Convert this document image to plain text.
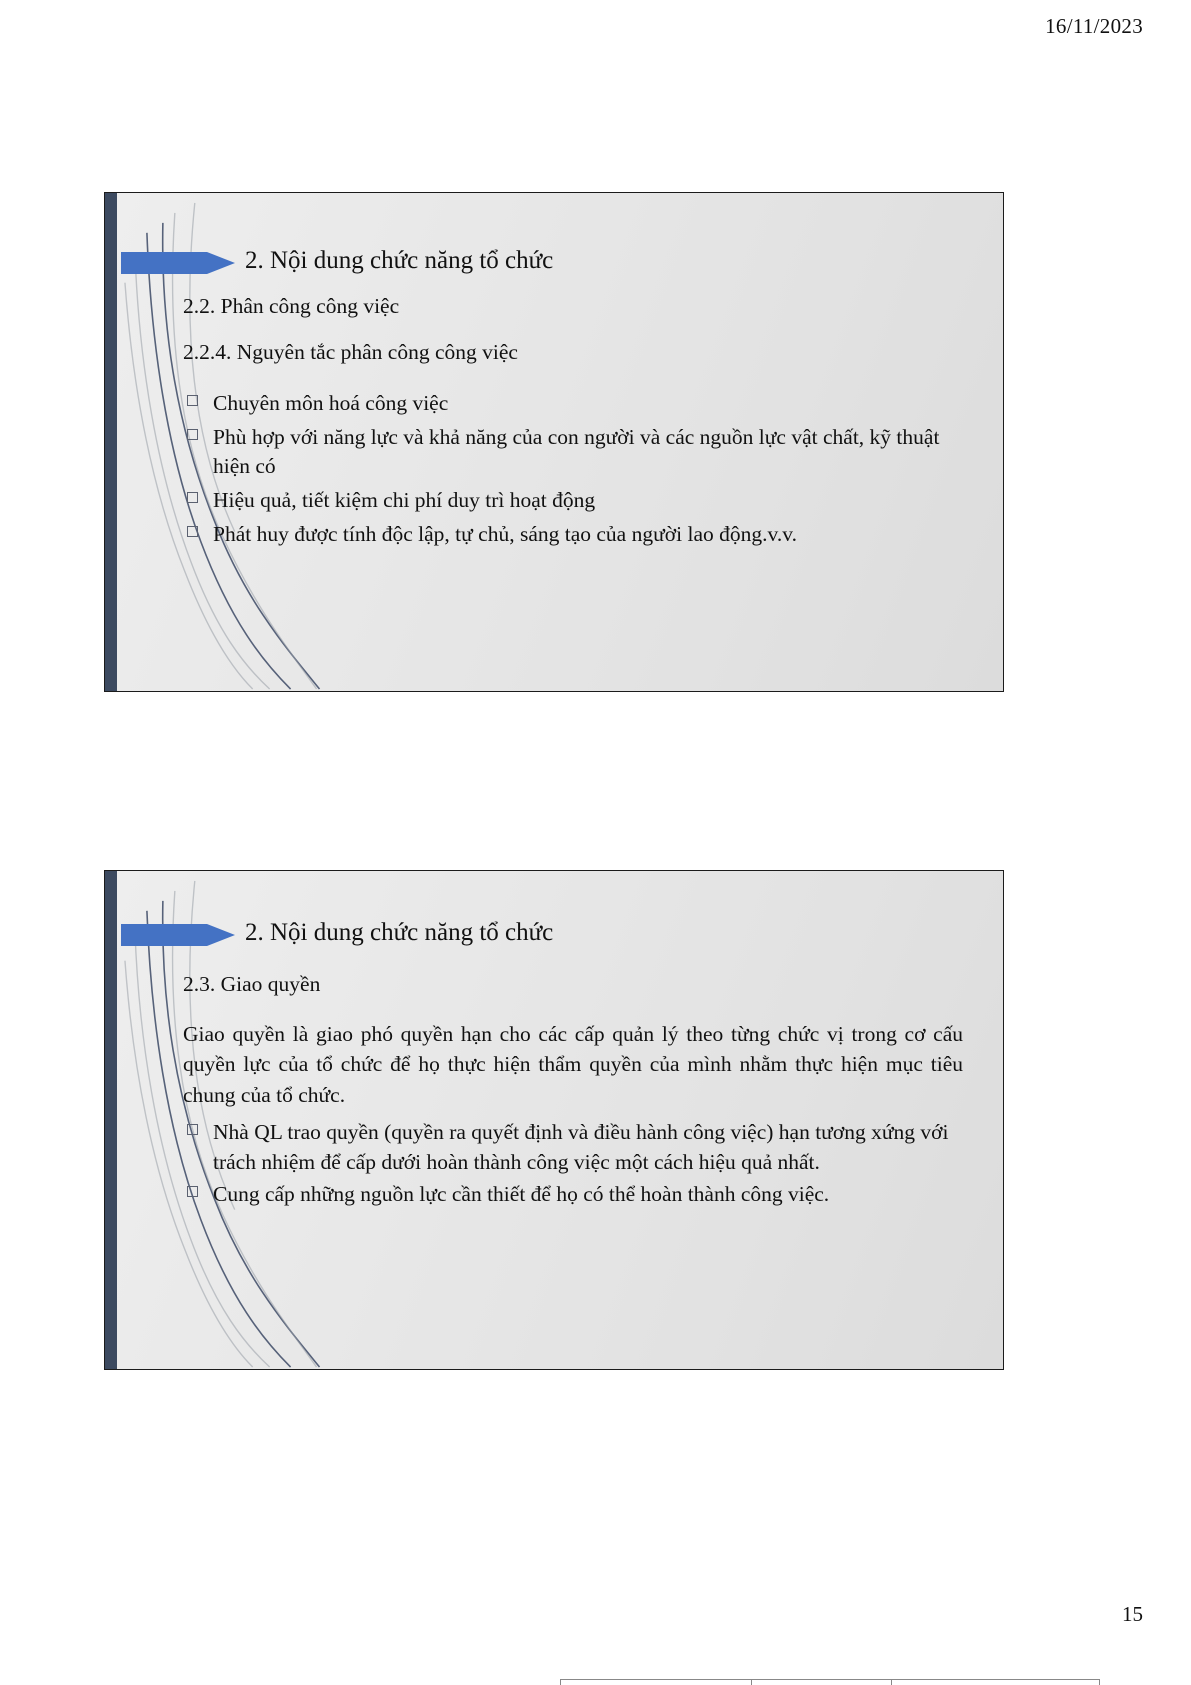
16/11/2023
2. Nội dung chức năng tổ chức
2.2. Phân công công việc
2.2.4. Nguyên tắc phân công công việc
Chuyên môn hoá công việc
Phù hợp với năng lực và khả năng của con người và các nguồn lực vật chất, kỹ thuật hiện có
Hiệu quả, tiết kiệm chi phí duy trì hoạt động
Phát huy được tính độc lập, tự chủ, sáng tạo của người lao động.v.v.
2. Nội dung chức năng tổ chức
2.3. Giao quyền
Giao quyền là giao phó quyền hạn cho các cấp quản lý theo từng chức vị trong cơ cấu quyền lực của tổ chức để họ thực hiện thẩm quyền của mình nhằm thực hiện mục tiêu chung của tổ chức.
Nhà QL trao quyền (quyền ra quyết định và điều hành công việc) hạn tương xứng với trách nhiệm để cấp dưới hoàn thành công việc một cách hiệu quả nhất.
Cung cấp những nguồn lực cần thiết để họ có thể hoàn thành công việc.
15
